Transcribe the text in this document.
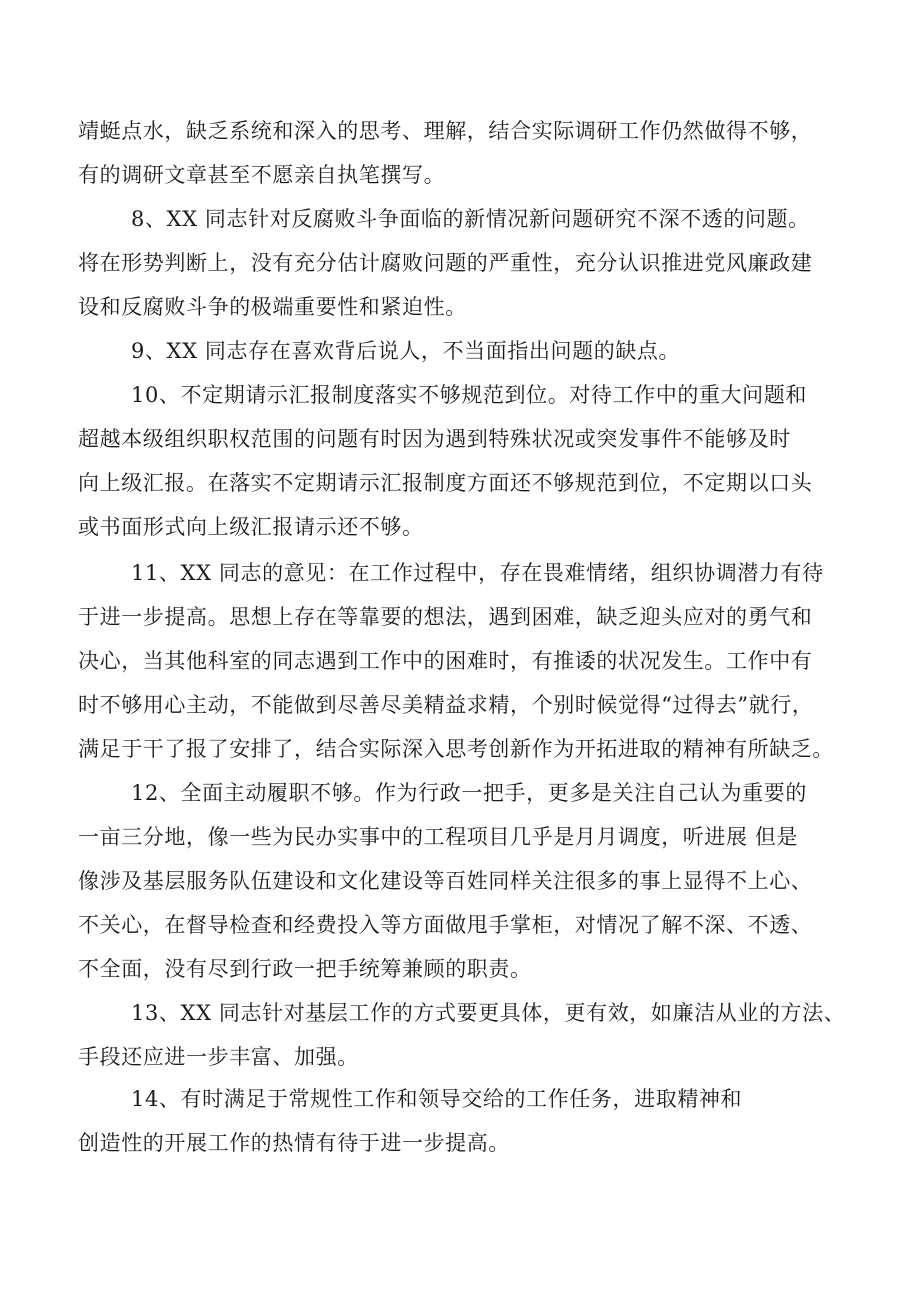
靖蜓点水，缺乏系统和深入的思考、理解，结合实际调研工作仍然做得不够，
有的调研文章甚至不愿亲自执笔撰写。
8、XX 同志针对反腐败斗争面临的新情况新问题研究不深不透的问题。
将在形势判断上，没有充分估计腐败问题的严重性，充分认识推进党风廉政建
设和反腐败斗争的极端重要性和紧迫性。
9、XX 同志存在喜欢背后说人，不当面指出问题的缺点。
10、不定期请示汇报制度落实不够规范到位。对待工作中的重大问题和
超越本级组织职权范围的问题有时因为遇到特殊状况或突发事件不能够及时
向上级汇报。在落实不定期请示汇报制度方面还不够规范到位，不定期以口头
或书面形式向上级汇报请示还不够。
11、XX 同志的意见：在工作过程中，存在畏难情绪，组织协调潜力有待
于进一步提高。思想上存在等靠要的想法，遇到困难，缺乏迎头应对的勇气和
决心，当其他科室的同志遇到工作中的困难时，有推诿的状况发生。工作中有
时不够用心主动，不能做到尽善尽美精益求精，个别时候觉得“过得去”就行，
满足于干了报了安排了，结合实际深入思考创新作为开拓进取的精神有所缺乏。
12、全面主动履职不够。作为行政一把手，更多是关注自己认为重要的
一亩三分地，像一些为民办实事中的工程项目几乎是月月调度，听进展 但是
像涉及基层服务队伍建设和文化建设等百姓同样关注很多的事上显得不上心、
不关心，在督导检查和经费投入等方面做甩手掌柜，对情况了解不深、不透、
不全面，没有尽到行政一把手统筹兼顾的职责。
13、XX 同志针对基层工作的方式要更具体，更有效，如廉洁从业的方法、
手段还应进一步丰富、加强。
14、有时满足于常规性工作和领导交给的工作任务，进取精神和
创造性的开展工作的热情有待于进一步提高。
